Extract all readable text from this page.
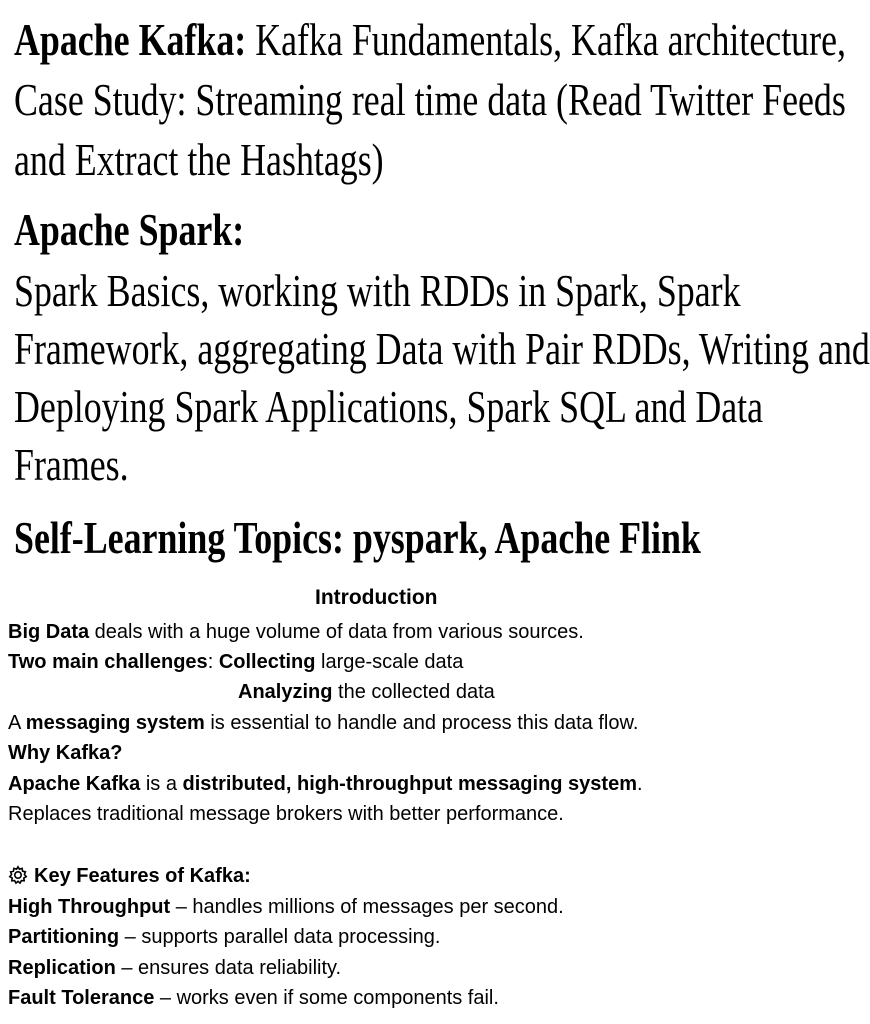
Apache Kafka: Kafka Fundamentals, Kafka architecture,
Case Study: Streaming real time data (Read Twitter Feeds
and Extract the Hashtags)
Apache Spark:
Spark Basics, working with RDDs in Spark, Spark
Framework, aggregating Data with Pair RDDs, Writing and
Deploying Spark Applications, Spark SQL and Data
Frames.
Self-Learning Topics: pyspark, Apache Flink
Introduction
Big Data deals with a huge volume of data from various sources.
Two main challenges: Collecting large-scale data
Analyzing the collected data
A messaging system is essential to handle and process this data flow.
Why Kafka?
Apache Kafka is a distributed, high-throughput messaging system.
Replaces traditional message brokers with better performance.
Key Features of Kafka:
High Throughput – handles millions of messages per second.
Partitioning – supports parallel data processing.
Replication – ensures data reliability.
Fault Tolerance – works even if some components fail.
